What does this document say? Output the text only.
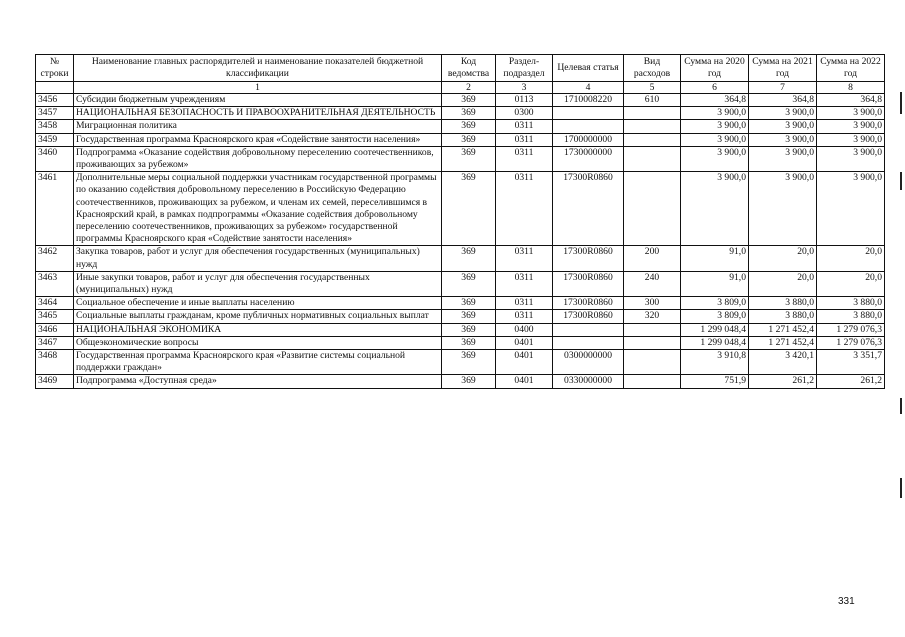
№ строки	Наименование главных распорядителей и наименование показателей бюджетной классификации	Код ведомства	Раздел-подраздел	Целевая статья	Вид расходов	Сумма на 2020 год	Сумма на 2021 год	Сумма на 2022 год
	1	2	3	4	5	6	7	8
3456	Субсидии бюджетным учреждениям	369	0113	1710008220	610	364,8	364,8	364,8
3457	НАЦИОНАЛЬНАЯ БЕЗОПАСНОСТЬ И ПРАВООХРАНИТЕЛЬНАЯ ДЕЯТЕЛЬНОСТЬ	369	0300			3 900,0	3 900,0	3 900,0
3458	Миграционная политика	369	0311			3 900,0	3 900,0	3 900,0
3459	Государственная программа Красноярского края «Содействие занятости населения»	369	0311	1700000000		3 900,0	3 900,0	3 900,0
3460	Подпрограмма «Оказание содействия добровольному переселению соотечественников, проживающих за рубежом»	369	0311	1730000000		3 900,0	3 900,0	3 900,0
3461	Дополнительные меры социальной поддержки участникам государственной программы по оказанию содействия добровольному переселению в Российскую Федерацию соотечественников, проживающих за рубежом, и членам их семей, переселившимся в Красноярский край, в рамках подпрограммы «Оказание содействия добровольному переселению соотечественников, проживающих за рубежом» государственной программы Красноярского края «Содействие занятости населения»	369	0311	17300R0860		3 900,0	3 900,0	3 900,0
3462	Закупка товаров, работ и услуг для обеспечения государственных (муниципальных) нужд	369	0311	17300R0860	200	91,0	20,0	20,0
3463	Иные закупки товаров, работ и услуг для обеспечения государственных (муниципальных) нужд	369	0311	17300R0860	240	91,0	20,0	20,0
3464	Социальное обеспечение и иные выплаты населению	369	0311	17300R0860	300	3 809,0	3 880,0	3 880,0
3465	Социальные выплаты гражданам, кроме публичных нормативных социальных выплат	369	0311	17300R0860	320	3 809,0	3 880,0	3 880,0
3466	НАЦИОНАЛЬНАЯ ЭКОНОМИКА	369	0400			1 299 048,4	1 271 452,4	1 279 076,3
3467	Общеэкономические вопросы	369	0401			1 299 048,4	1 271 452,4	1 279 076,3
3468	Государственная программа Красноярского края «Развитие системы социальной поддержки граждан»	369	0401	0300000000		3 910,8	3 420,1	3 351,7
3469	Подпрограмма «Доступная среда»	369	0401	0330000000		751,9	261,2	261,2
331
